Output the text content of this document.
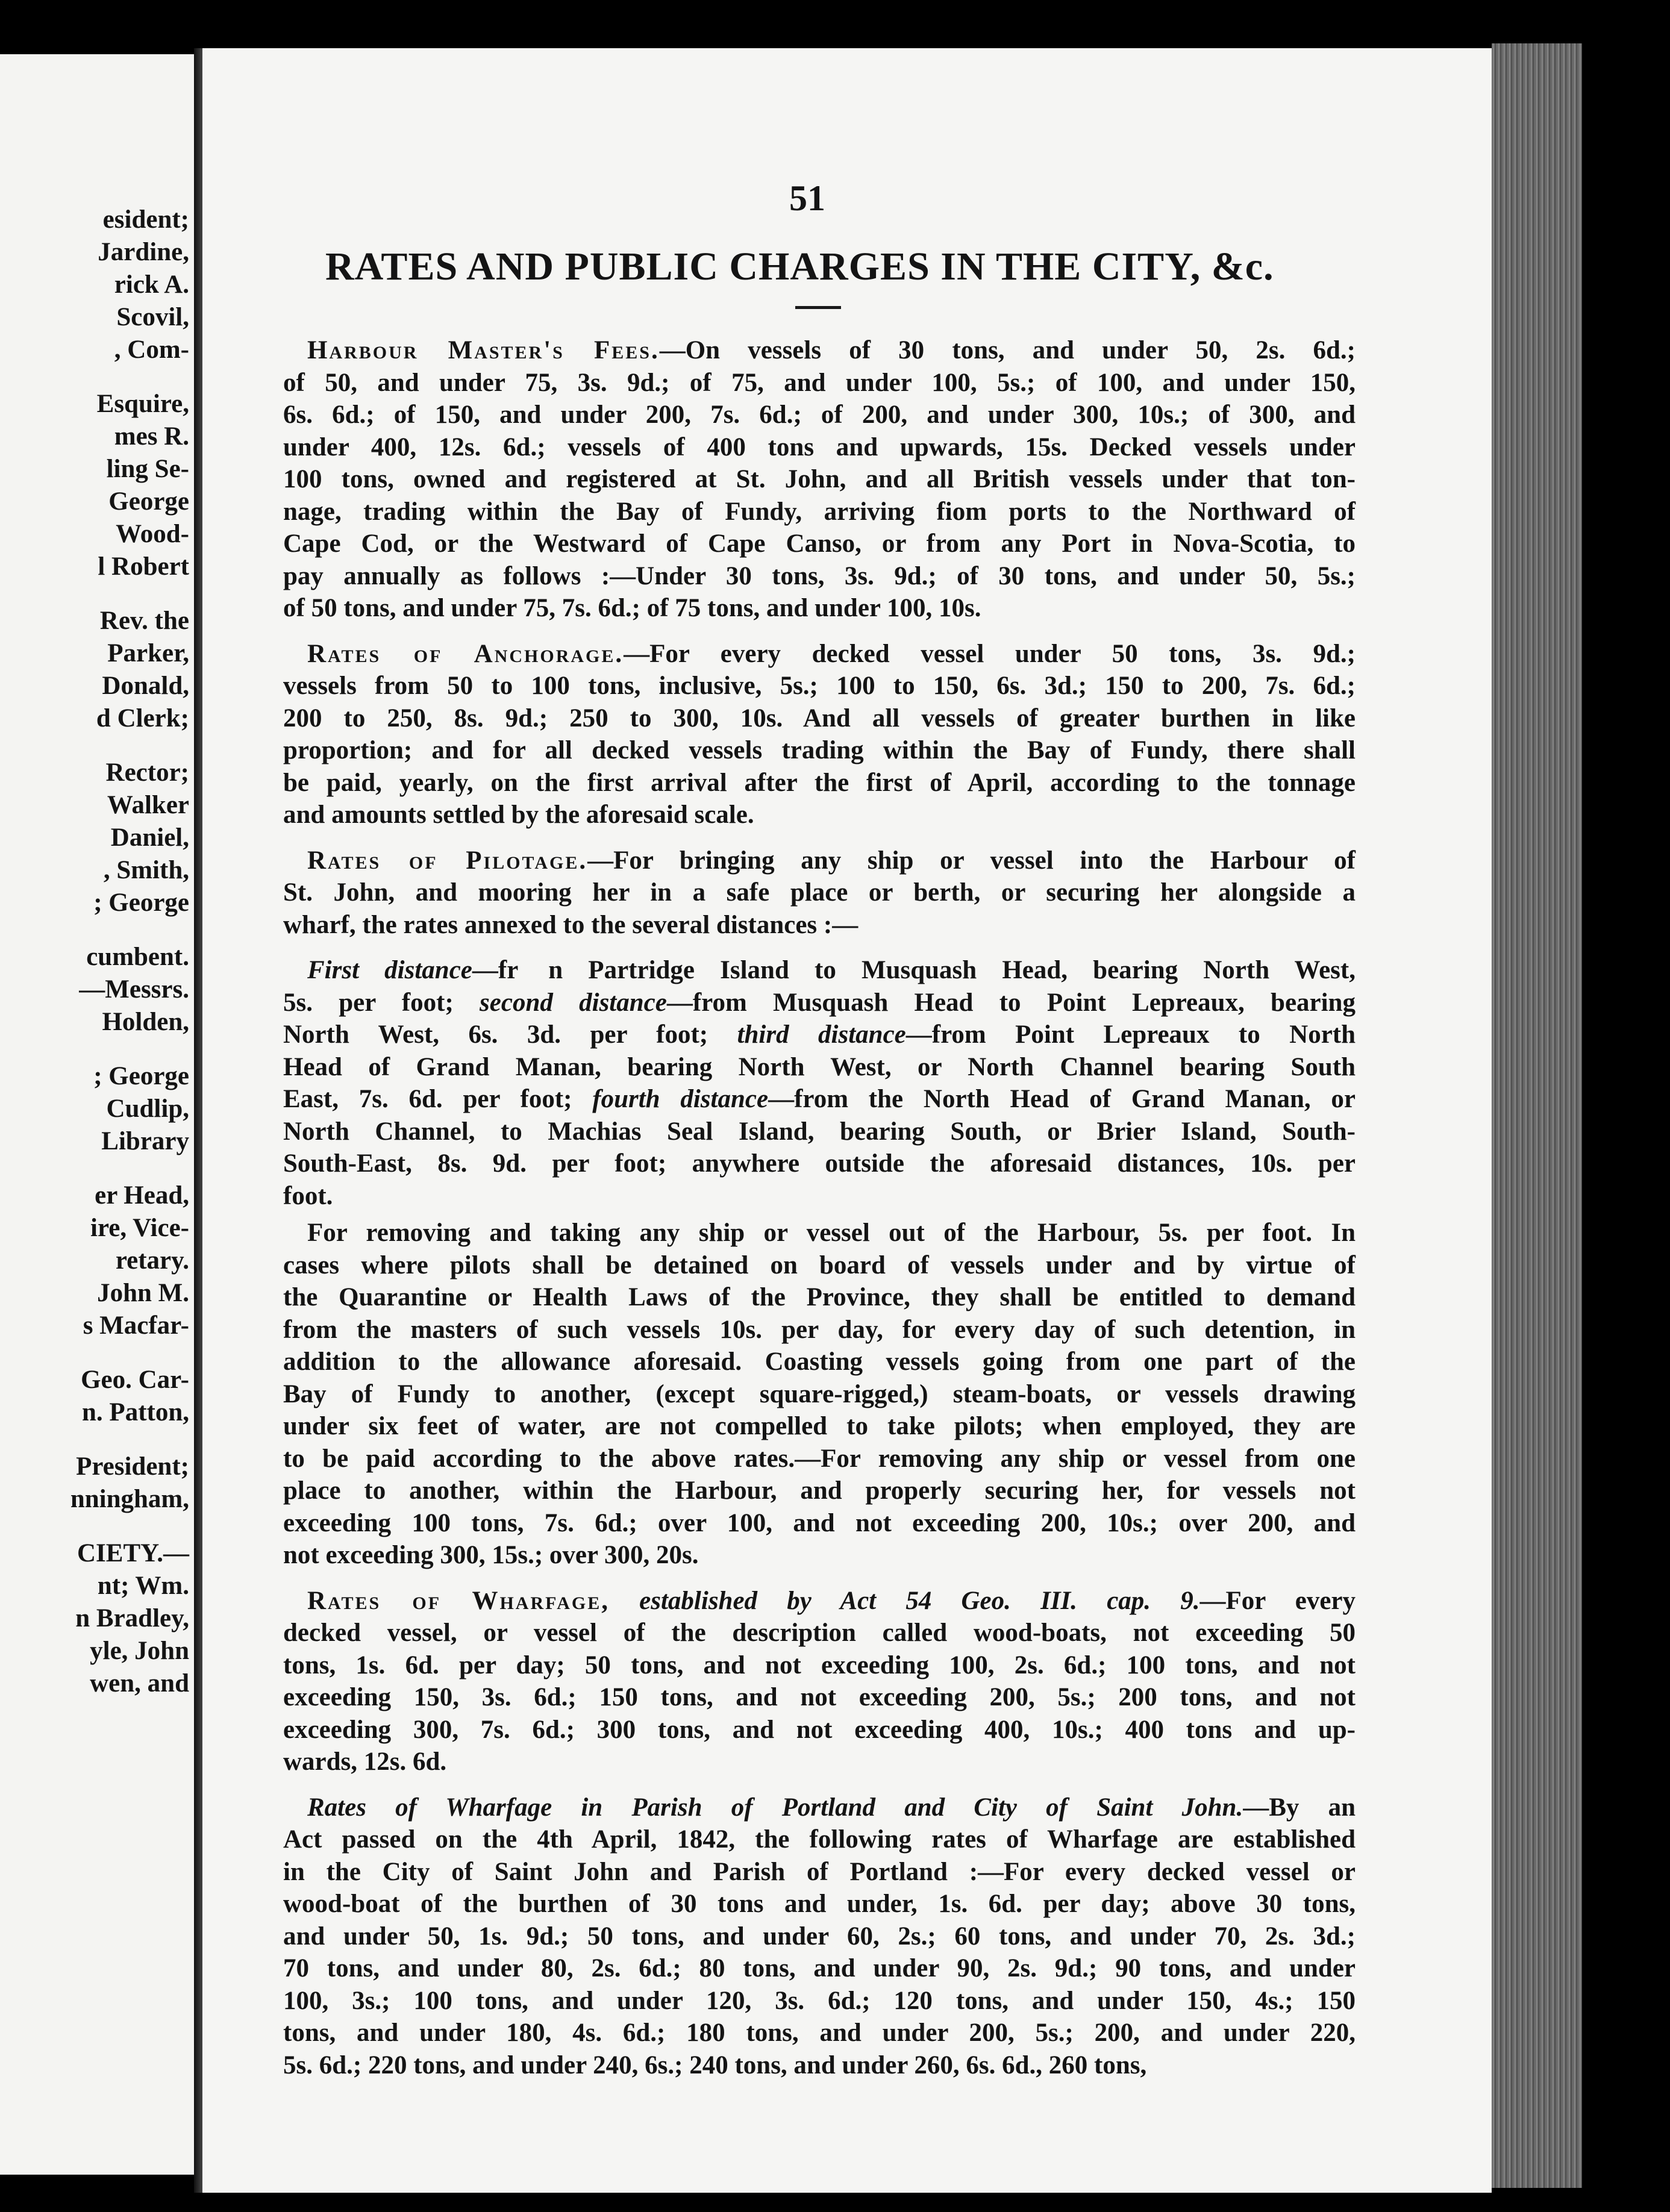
esident;
Jardine,
rick A.
Scovil,
, Com-
Esquire,
mes R.
ling Se-
George
Wood-
l Robert
Rev. the
Parker,
Donald,
d Clerk;
Rector;
Walker
Daniel,
, Smith,
; George
cumbent.
—Messrs.
Holden,
; George
Cudlip,
Library
er Head,
ire, Vice-
retary.
John M.
s Macfar-
Geo. Car-
n. Patton,
President;
nningham,
CIETY.—
nt; Wm.
n Bradley,
yle, John
wen, and
51
RATES AND PUBLIC CHARGES IN THE CITY, &c.
Harbour Master's Fees.—On vessels of 30 tons, and under 50, 2s. 6d.;
of 50, and under 75, 3s. 9d.; of 75, and under 100, 5s.; of 100, and under 150,
6s. 6d.; of 150, and under 200, 7s. 6d.; of 200, and under 300, 10s.; of 300, and
under 400, 12s. 6d.; vessels of 400 tons and upwards, 15s. Decked vessels under
100 tons, owned and registered at St. John, and all British vessels under that ton-
nage, trading within the Bay of Fundy, arriving fiom ports to the Northward of
Cape Cod, or the Westward of Cape Canso, or from any Port in Nova-Scotia, to
pay annually as follows :—Under 30 tons, 3s. 9d.; of 30 tons, and under 50, 5s.;
of 50 tons, and under 75, 7s. 6d.; of 75 tons, and under 100, 10s.
Rates of Anchorage.—For every decked vessel under 50 tons, 3s. 9d.;
vessels from 50 to 100 tons, inclusive, 5s.; 100 to 150, 6s. 3d.; 150 to 200, 7s. 6d.;
200 to 250, 8s. 9d.; 250 to 300, 10s. And all vessels of greater burthen in like
proportion; and for all decked vessels trading within the Bay of Fundy, there shall
be paid, yearly, on the first arrival after the first of April, according to the tonnage
and amounts settled by the aforesaid scale.
Rates of Pilotage.—For bringing any ship or vessel into the Harbour of
St. John, and mooring her in a safe place or berth, or securing her alongside a
wharf, the rates annexed to the several distances :—
First distance—fr  n Partridge Island to Musquash Head, bearing North West,
5s. per foot; second distance—from Musquash Head to Point Lepreaux, bearing
North West, 6s. 3d. per foot; third distance—from Point Lepreaux to North
Head of Grand Manan, bearing North West, or North Channel bearing South
East, 7s. 6d. per foot; fourth distance—from the North Head of Grand Manan, or
North Channel, to Machias Seal Island, bearing South, or Brier Island, South-
South-East, 8s. 9d. per foot; anywhere outside the aforesaid distances, 10s. per
foot.
For removing and taking any ship or vessel out of the Harbour, 5s. per foot. In
cases where pilots shall be detained on board of vessels under and by virtue of
the Quarantine or Health Laws of the Province, they shall be entitled to demand
from the masters of such vessels 10s. per day, for every day of such detention, in
addition to the allowance aforesaid. Coasting vessels going from one part of the
Bay of Fundy to another, (except square-rigged,) steam-boats, or vessels drawing
under six feet of water, are not compelled to take pilots; when employed, they are
to be paid according to the above rates.—For removing any ship or vessel from one
place to another, within the Harbour, and properly securing her, for vessels not
exceeding 100 tons, 7s. 6d.; over 100, and not exceeding 200, 10s.; over 200, and
not exceeding 300, 15s.; over 300, 20s.
Rates of Wharfage, established by Act 54 Geo. III. cap. 9.—For every
decked vessel, or vessel of the description called wood-boats, not exceeding 50
tons, 1s. 6d. per day; 50 tons, and not exceeding 100, 2s. 6d.; 100 tons, and not
exceeding 150, 3s. 6d.; 150 tons, and not exceeding 200, 5s.; 200 tons, and not
exceeding 300, 7s. 6d.; 300 tons, and not exceeding 400, 10s.; 400 tons and up-
wards, 12s. 6d.
Rates of Wharfage in Parish of Portland and City of Saint John.—By an
Act passed on the 4th April, 1842, the following rates of Wharfage are established
in the City of Saint John and Parish of Portland :—For every decked vessel or
wood-boat of the burthen of 30 tons and under, 1s. 6d. per day; above 30 tons,
and under 50, 1s. 9d.; 50 tons, and under 60, 2s.; 60 tons, and under 70, 2s. 3d.;
70 tons, and under 80, 2s. 6d.; 80 tons, and under 90, 2s. 9d.; 90 tons, and under
100, 3s.; 100 tons, and under 120, 3s. 6d.; 120 tons, and under 150, 4s.; 150
tons, and under 180, 4s. 6d.; 180 tons, and under 200, 5s.; 200, and under 220,
5s. 6d.; 220 tons, and under 240, 6s.; 240 tons, and under 260, 6s. 6d., 260 tons,
